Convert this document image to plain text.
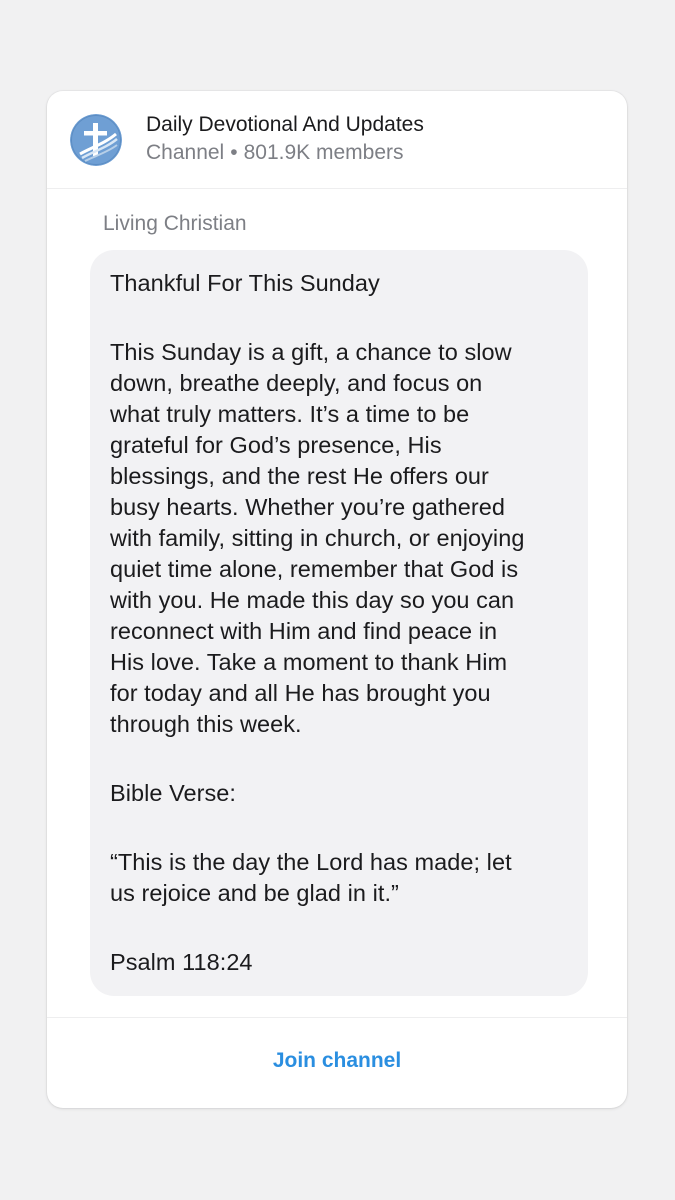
Daily Devotional And Updates
Channel • 801.9K members
Living Christian
Thankful For This Sunday
This Sunday is a gift, a chance to slow
down, breathe deeply, and focus on
what truly matters. It’s a time to be
grateful for God’s presence, His
blessings, and the rest He offers our
busy hearts. Whether you’re gathered
with family, sitting in church, or enjoying
quiet time alone, remember that God is
with you. He made this day so you can
reconnect with Him and find peace in
His love. Take a moment to thank Him
for today and all He has brought you
through this week.
Bible Verse:
“This is the day the Lord has made; let
us rejoice and be glad in it.”
Psalm 118:24
Join channel
